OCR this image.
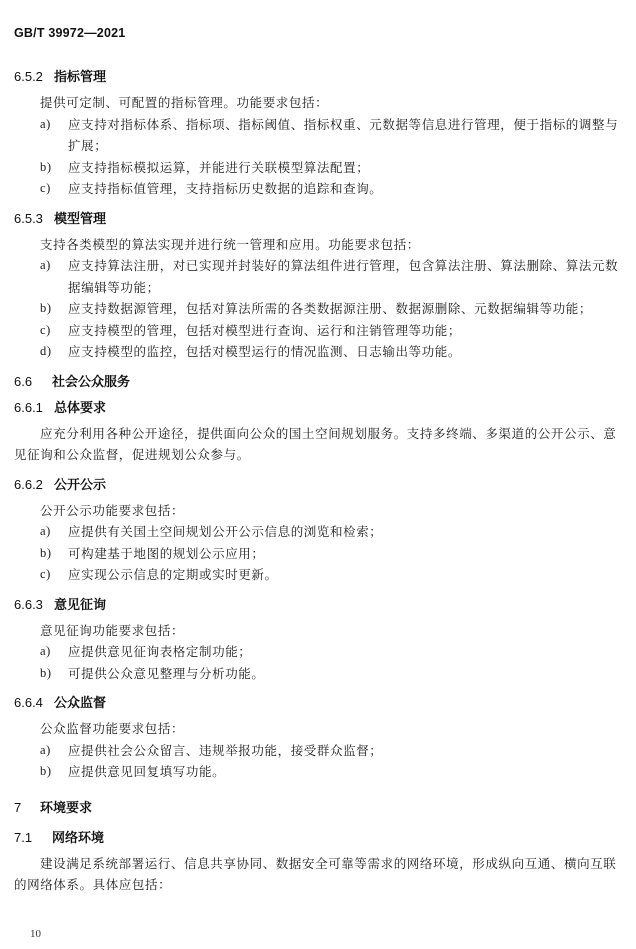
GB/T 39972—2021
6.5.2 指标管理
提供可定制、可配置的指标管理。功能要求包括：
a) 应支持对指标体系、指标项、指标阈值、指标权重、元数据等信息进行管理，便于指标的调整与扩展；
b) 应支持指标模拟运算，并能进行关联模型算法配置；
c) 应支持指标值管理，支持指标历史数据的追踪和查询。
6.5.3 模型管理
支持各类模型的算法实现并进行统一管理和应用。功能要求包括：
a) 应支持算法注册，对已实现并封装好的算法组件进行管理，包含算法注册、算法删除、算法元数据编辑等功能；
b) 应支持数据源管理，包括对算法所需的各类数据源注册、数据源删除、元数据编辑等功能；
c) 应支持模型的管理，包括对模型进行查询、运行和注销管理等功能；
d) 应支持模型的监控，包括对模型运行的情况监测、日志输出等功能。
6.6 社会公众服务
6.6.1 总体要求
应充分利用各种公开途径，提供面向公众的国土空间规划服务。支持多终端、多渠道的公开公示、意见征询和公众监督，促进规划公众参与。
6.6.2 公开公示
公开公示功能要求包括：
a) 应提供有关国土空间规划公开公示信息的浏览和检索；
b) 可构建基于地图的规划公示应用；
c) 应实现公示信息的定期或实时更新。
6.6.3 意见征询
意见征询功能要求包括：
a) 应提供意见征询表格定制功能；
b) 可提供公众意见整理与分析功能。
6.6.4 公众监督
公众监督功能要求包括：
a) 应提供社会公众留言、违规举报功能，接受群众监督；
b) 应提供意见回复填写功能。
7 环境要求
7.1 网络环境
建设满足系统部署运行、信息共享协同、数据安全可靠等需求的网络环境，形成纵向互通、横向互联的网络体系。具体应包括：
10
